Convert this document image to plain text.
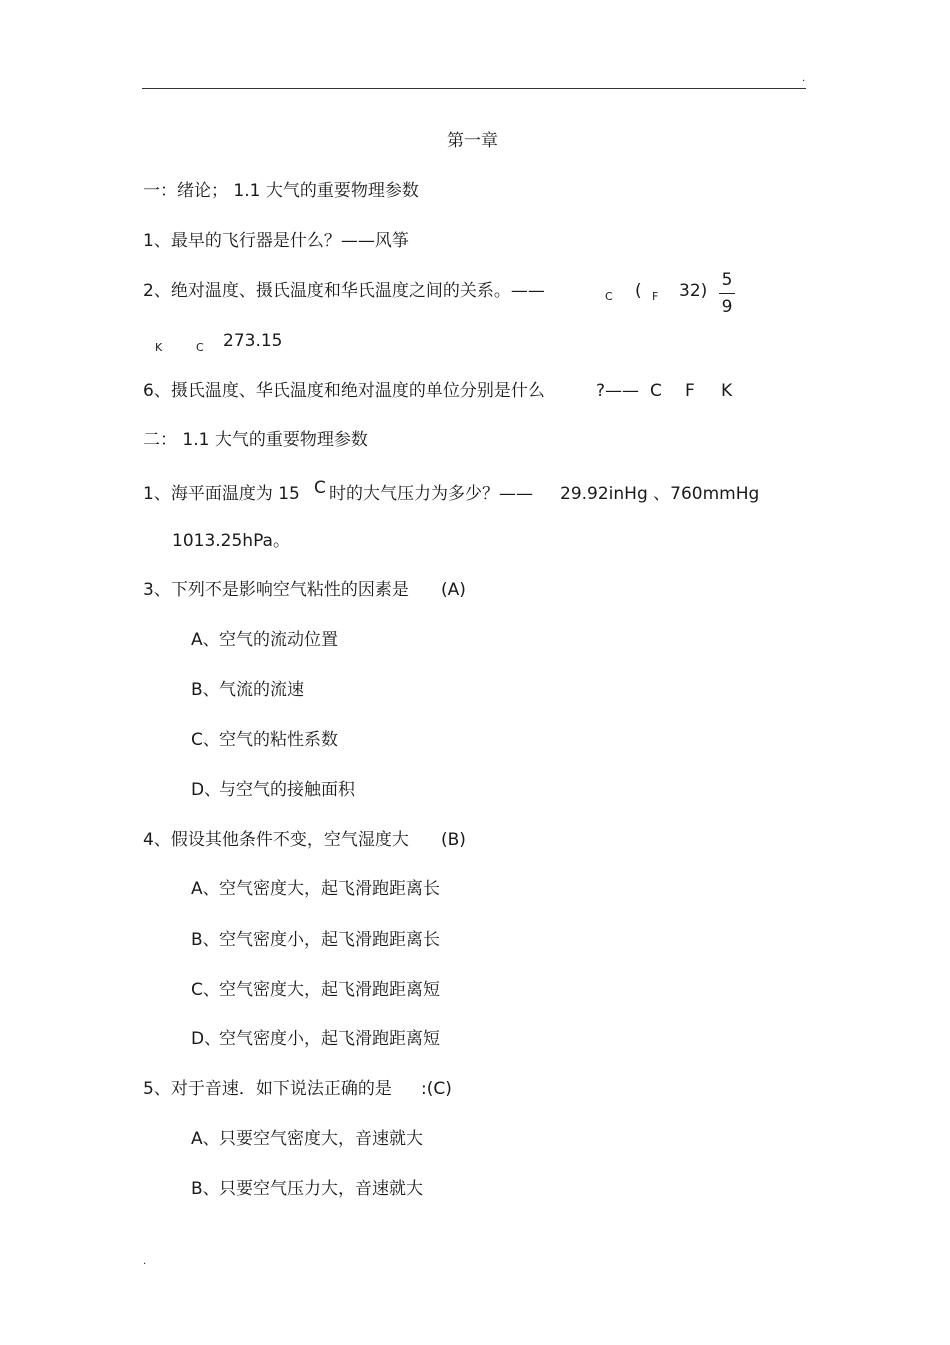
.
第一章
一：绪论； 1.1 大气的重要物理参数
1、最早的飞行器是什么？——风筝
2、绝对温度、摄氏温度和华氏温度之间的关系。——	C ( F 32)
5
9
K	C 273.15
6、摄氏温度、华氏温度和绝对温度的单位分别是什么	?—— C F K
二： 1.1 大气的重要物理参数
1、海平面温度为 15 C 时的大气压力为多少？—— 29.92inHg 、760mmHg
1013.25hPa。
3、下列不是影响空气粘性的因素是 (A)
A、 空气的流动位置
B、 气流的流速
C、 空气的粘性系数
D、
与空气的接触面积
4、假设其他条件不变，空气湿度大 (B)
A、 空气密度大，起飞滑跑距离长
B、 空气密度小，起飞滑跑距离长
C、 空气密度大，起飞滑跑距离短
D、
空气密度小，起飞滑跑距离短
5、对于音速．如下说法正确的是 :(C)
A、 只要空气密度大，音速就大
B、 只要空气压力大，音速就大
.
